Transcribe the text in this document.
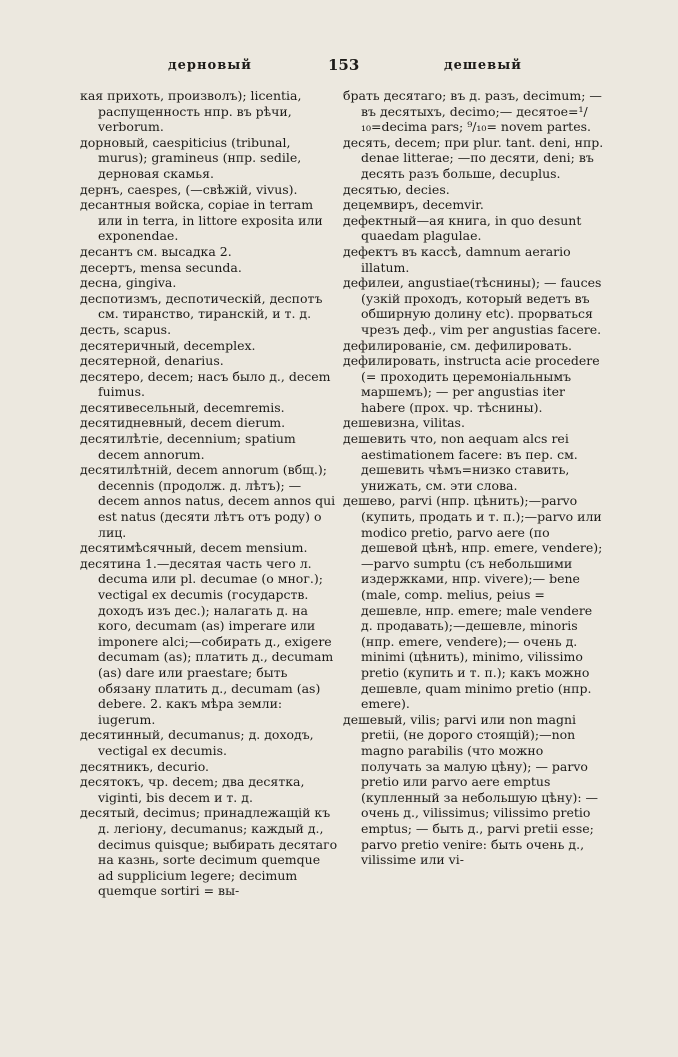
дерновый	153	дешевый

кая прихоть, произволъ); licentia, распущенность нпр. въ рѣчи, verborum.

дорновый, caespiticius (tribunal, murus); gramineus (нпр. sedile, дерновая скамья.

дернъ, caespes, (—свѣжій, vivus).

десантныя войска, copiae in terram или in terra, in littore exposita или exponendae.

десантъ см. высадка 2.

десертъ, mensa secunda.

десна, gingiva.

деспотизмъ, деспотическій, деспотъ см. тиранство, тиранскій, и т. д.

десть, scapus.

десятеричный, decemplex.

десятерной, denarius.

десятеро, decem; насъ было д., decem fuimus.

десятивесельный, decemremis.

десятидневный, decem dierum.

десятилѣтіе, decennium; spatium decem annorum.

десятилѣтній, decem annorum (вбщ.); decennis (продолж. д. лѣтъ); — decem annos natus, decem annos qui est natus (десяти лѣтъ отъ роду) о лиц.

десятимѣсячный, decem mensium.

десятина 1.—десятая часть чего л. decuma или pl. decumae (о мног.); vectigal ex decumis (государств. доходъ изъ дес.); налагать д. на кого, decumam (as) imperare или imponere alci;—собирать д., exigere decumam (as); платить д., decumam (as) dare или praestare; быть обязану платить д., decumam (as) debere. 2. какъ мѣра земли: iugerum.

десятинный, decumanus; д. доходъ, vectigal ex decumis.

десятникъ, decurio.

десятокъ, чр. decem; два десятка, viginti, bis decem и т. д.

десятый, decimus; принадлежащій къ д. легіону, decumanus; каждый д., decimus quisque; выбирать десятаго на казнь, sorte decimum quemque ad supplicium legere; decimum quemque sortiri = вы-

брать десятаго; въ д. разъ, decimum; — въ десятыхъ, decimo;— десятое=¹/₁₀=decima pars; ⁹/₁₀= novem partes.

десять, decem; при plur. tant. deni, нпр. denae litterae; —по десяти, deni; въ десять разъ больше, decuplus.

десятью, decies.

децемвиръ, decemvir.

дефектный—ая книга, in quo desunt quaedam plagulae.

дефектъ въ кассѣ, damnum aerario illatum.

дефилеи, angustiae(тѣснины); — fauces (узкій проходъ, который ведетъ въ обширную долину etc). прорваться чрезъ деф., vim per angustias facere.

дефилированіе, см. дефилировать.

дефилировать, instructa acie procedere (= проходить церемоніальнымъ маршемъ); — per angustias iter habere (прох. чр. тѣснины).

дешевизна, vilitas.

дешевить что, non aequam alcs rei aestimationem facere: въ пер. см. дешевить чѣмъ=низко ставить, унижать, см. эти слова.

дешево, parvi (нпр. цѣнить);—parvo (купить, продать и т. п.);—parvo или modico pretio, parvo aere (по дешевой цѣнѣ, нпр. emere, vendere);—parvo sumptu (съ небольшими издержками, нпр. vivere);— bene (male, comp. melius, peius = дешевле, нпр. emere; male vendere д. продавать);—дешевле, minoris (нпр. emere, vendere);— очень д. minimi (цѣнить), minimo, vilissimo pretio (купить и т. п.); какъ можно дешевле, quam minimo pretio (нпр. emere).

дешевый, vilis; parvi или non magni pretii, (не дорого стоящій);—non magno parabilis (что можно получать за малую цѣну); — parvo pretio или parvo aere emptus (купленный за небольшую цѣну): — очень д., vilissimus; vilissimo pretio emptus; — быть д., parvi pretii esse; parvo pretio venire: быть очень д., vilissime или vi-
